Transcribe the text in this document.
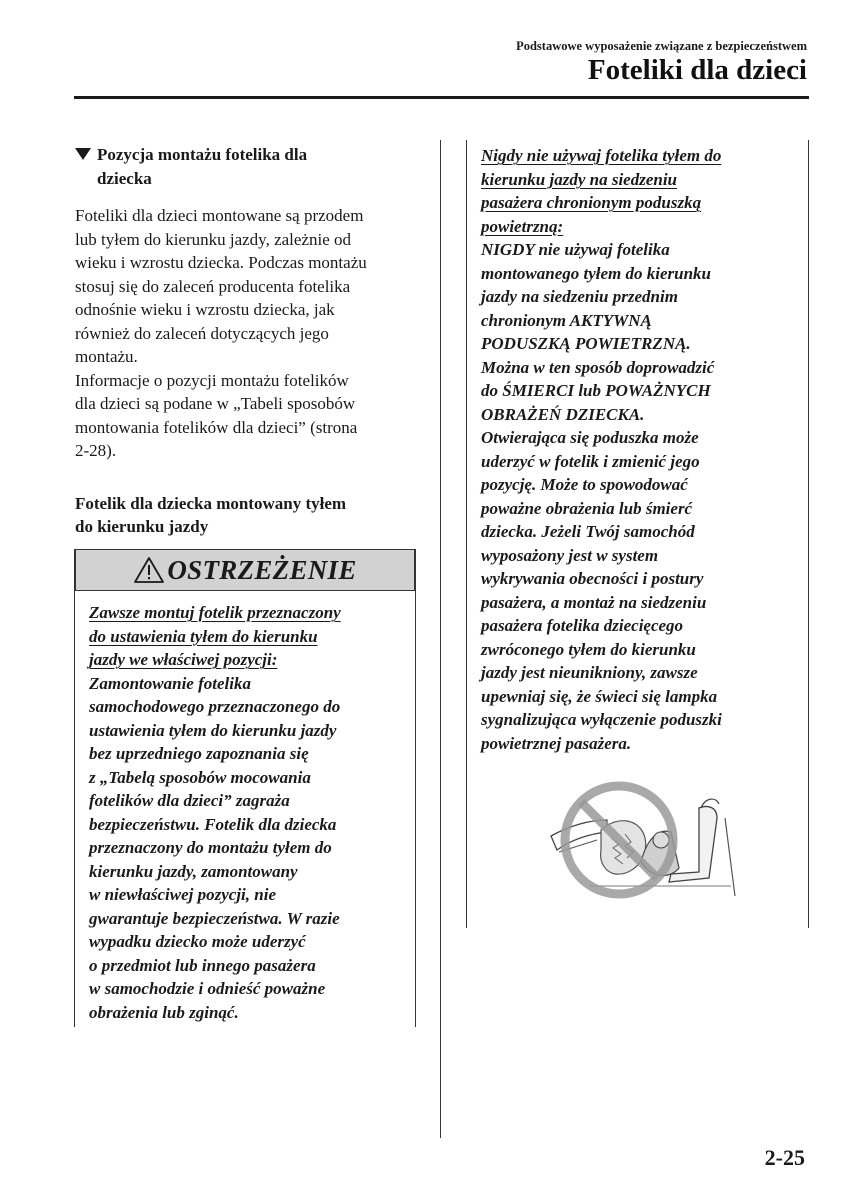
Podstawowe wyposażenie związane z bezpieczeństwem
Foteliki dla dzieci
Pozycja montażu fotelika dla
dziecka

Foteliki dla dzieci montowane są przodem
lub tyłem do kierunku jazdy, zależnie od
wieku i wzrostu dziecka. Podczas montażu
stosuj się do zaleceń producenta fotelika
odnośnie wieku i wzrostu dziecka, jak
również do zaleceń dotyczących jego
montażu.
Informacje o pozycji montażu fotelików
dla dzieci są podane w „Tabeli sposobów
montowania fotelików dla dzieci” (strona
2-28).

Fotelik dla dziecka montowany tyłem
do kierunku jazdy

OSTRZEŻENIE

Zawsze montuj fotelik przeznaczony
do ustawienia tyłem do kierunku
jazdy we właściwej pozycji:

Zamontowanie fotelika
samochodowego przeznaczonego do
ustawienia tyłem do kierunku jazdy
bez uprzedniego zapoznania się
z „Tabelą sposobów mocowania
fotelików dla dzieci” zagraża
bezpieczeństwu. Fotelik dla dziecka
przeznaczony do montażu tyłem do
kierunku jazdy, zamontowany
w niewłaściwej pozycji, nie
gwarantuje bezpieczeństwa. W razie
wypadku dziecko może uderzyć
o przedmiot lub innego pasażera
w samochodzie i odnieść poważne
obrażenia lub zginąć.

Nigdy nie używaj fotelika tyłem do
kierunku jazdy na siedzeniu
pasażera chronionym poduszką
powietrzną:

NIGDY nie używaj fotelika
montowanego tyłem do kierunku
jazdy na siedzeniu przednim
chronionym AKTYWNĄ
PODUSZKĄ POWIETRZNĄ.
Można w ten sposób doprowadzić
do ŚMIERCI lub POWAŻNYCH
OBRAŻEŃ DZIECKA.
Otwierająca się poduszka może
uderzyć w fotelik i zmienić jego
pozycję. Może to spowodować
poważne obrażenia lub śmierć
dziecka. Jeżeli Twój samochód
wyposażony jest w system
wykrywania obecności i postury
pasażera, a montaż na siedzeniu
pasażera fotelika dziecięcego
zwróconego tyłem do kierunku
jazdy jest nieunikniony, zawsze
upewniaj się, że świeci się lampka
sygnalizująca wyłączenie poduszki
powietrznej pasażera.

2-25
